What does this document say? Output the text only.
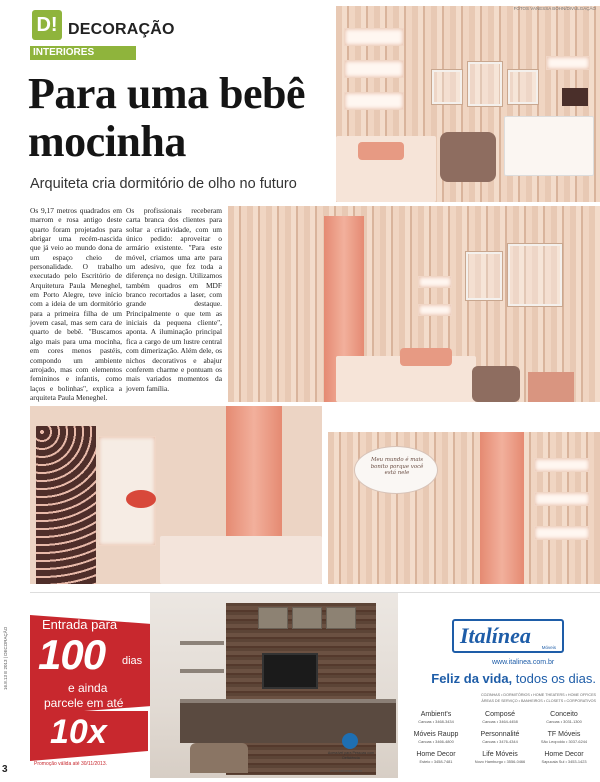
D! DECORAÇÃO
INTERIORES
Para uma bebê mocinha
Arquiteta cria dormitório de olho no futuro

Os 9,17 metros quadrados em marrom e rosa antigo deste quarto foram projetados para abrigar uma recém-nascida que já veio ao mundo dona de um espaço cheio de personalidade. O trabalho executado pelo Escritório de Arquitetura Paula Meneghel, em Porto Alegre, teve início com a ideia de um dormitório para a primeira filha de um jovem casal, mas sem cara de quarto de bebê. "Buscamos algo mais para uma mocinha, em cores menos pastéis, compondo um ambiente arrojado, mas com elementos femininos e infantis, como laços e bolinhas", explica a arquiteta Paula Meneghel.

Os profissionais receberam carta branca dos clientes para soltar a criatividade, com um único pedido: aproveitar o armário existente. "Para este móvel, criamos uma arte para um adesivo, que fez toda a diferença no design. Utilizamos também quadros em MDF branco recortados a laser, com grande destaque. Principalmente o que tem as iniciais da pequena cliente", aponta. A iluminação principal fica a cargo de um lustre central com dimerização. Além dele, os nichos decorativos e abajur conferem charme e pontuam os mais variados momentos da jovem família.

FOTOS VANESSA BOHN/DIVULGAÇÃO
Meu mundo é mais bonito porque você está nele
Entrada para
100 dias
e ainda
parcele em até
10x
Promoção válida até 30/11/2013.
Acessível para Pessoas com Deficiência
www.italinea.com.br
Italínea Móveis
www.italinea.com.br
Feliz da vida, todos os dias.
COZINHAS • DORMITÓRIOS • HOME THEATERS • HOME OFFICES
ÁREAS DE SERVIÇO • BANHEIROS • CLOSETS • CORPORATIVOS
Ambient's
Canoas • 3468-3434
Composé
Canoas • 3464-4458
Conceito
Canoas • 3031-1300
Móveis Raupp
Canoas • 3466-4800
Personnalité
Canoas • 3476-4344
TF Móveis
São Leopoldo • 3037-6244
Home Decor
Esteio • 3458-7481
Life Móveis
Novo Hamburgo • 3556-0466
Home Decor
Sapucaia Sul • 3453-1423
16.8.13 E 2013 | DECORAÇÃO
3
